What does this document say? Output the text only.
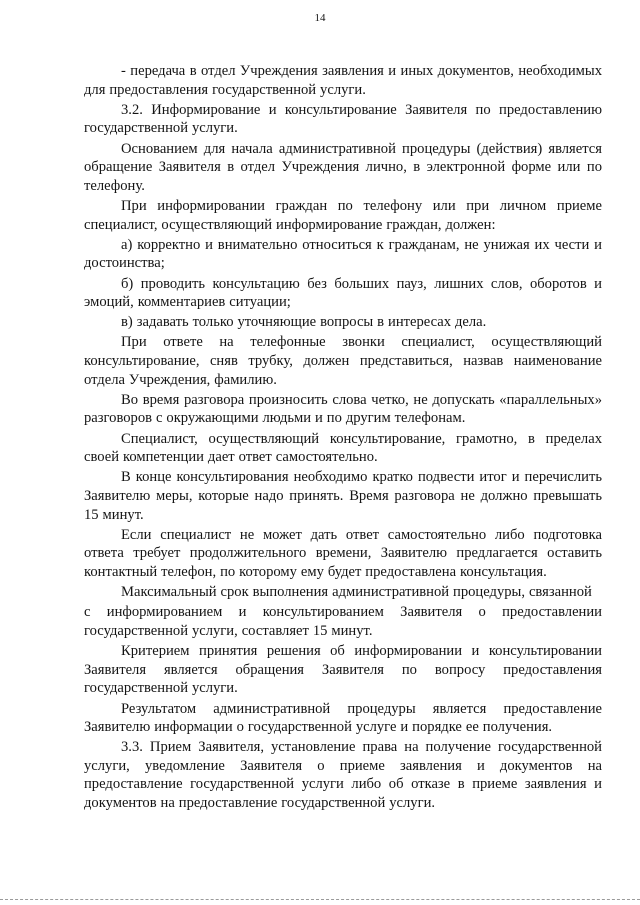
14

- передача в отдел Учреждения заявления и иных документов, необходимых для предоставления государственной услуги.

3.2. Информирование и консультирование Заявителя по предоставлению государственной услуги.

Основанием для начала административной процедуры (действия) является обращение Заявителя в отдел Учреждения лично, в электронной форме или по телефону.

При информировании граждан по телефону или при личном приеме специалист, осуществляющий информирование граждан, должен:

а) корректно и внимательно относиться к гражданам, не унижая их чести и достоинства;

б) проводить консультацию без больших пауз, лишних слов, оборотов и эмоций, комментариев ситуации;

в) задавать только уточняющие вопросы в интересах дела.

При ответе на телефонные звонки специалист, осуществляющий консультирование, сняв трубку, должен представиться, назвав наименование отдела Учреждения, фамилию.

Во время разговора произносить слова четко, не допускать «параллельных» разговоров с окружающими людьми и по другим телефонам.

Специалист, осуществляющий консультирование, грамотно, в пределах своей компетенции дает ответ самостоятельно.

В конце консультирования необходимо кратко подвести итог и перечислить Заявителю меры, которые надо принять. Время разговора не должно превышать 15 минут.

Если специалист не может дать ответ самостоятельно либо подготовка ответа требует продолжительного времени, Заявителю предлагается оставить контактный телефон, по которому ему будет предоставлена консультация.

Максимальный срок выполнения административной процедуры, связанной

с информированием и консультированием Заявителя о предоставлении государственной услуги, составляет 15 минут.

Критерием принятия решения об информировании и консультировании Заявителя является обращения Заявителя по вопросу предоставления государственной услуги.

Результатом административной процедуры является предоставление Заявителю информации о государственной услуге и порядке ее получения.

3.3. Прием Заявителя, установление права на получение государственной услуги, уведомление Заявителя о приеме заявления и документов на предоставление государственной услуги либо об отказе в приеме заявления и документов на предоставление государственной услуги.
